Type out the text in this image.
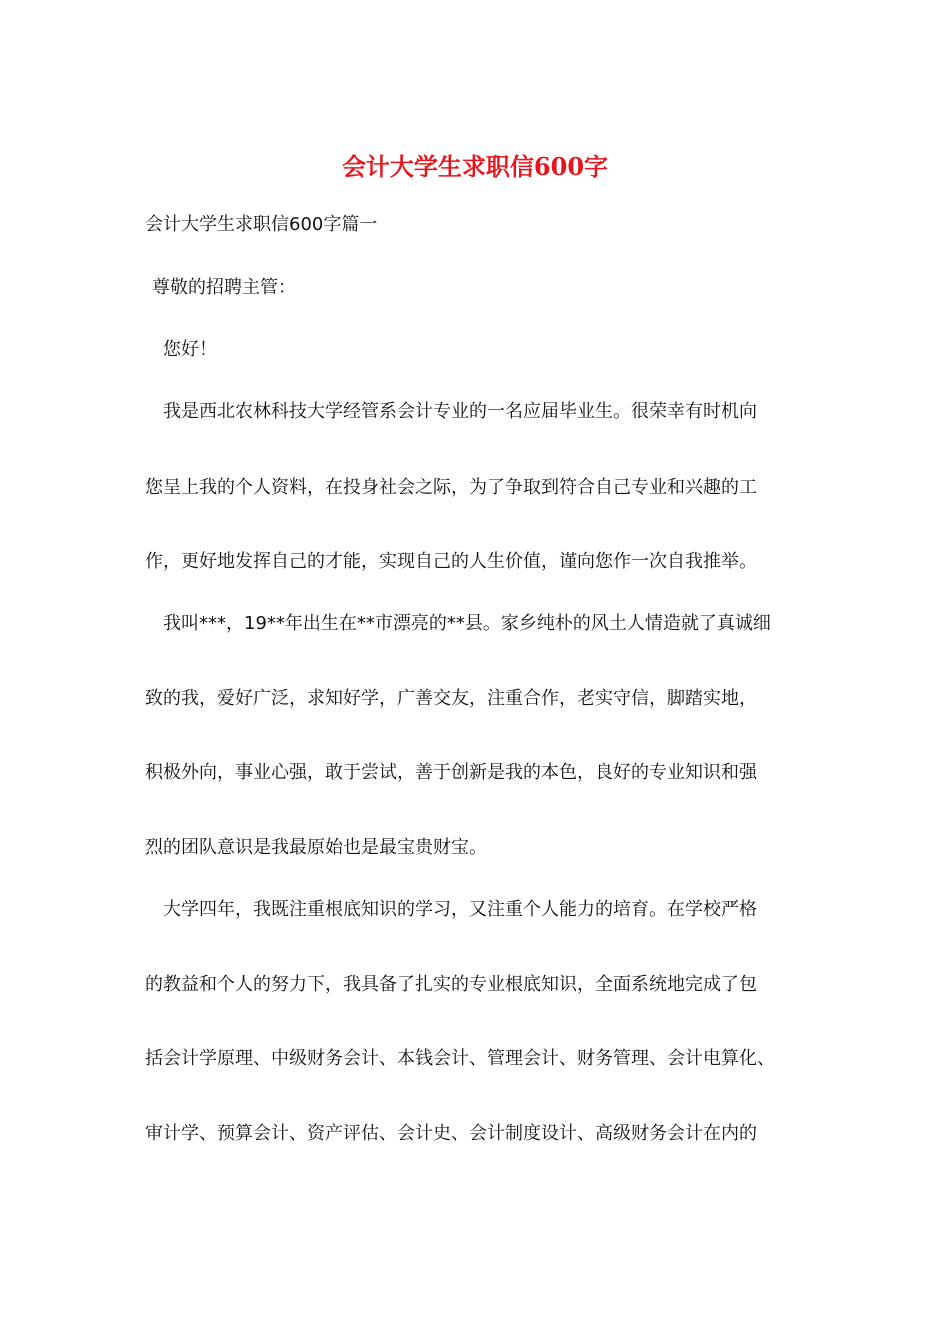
会计大学生求职信600字

会计大学生求职信600字篇一

尊敬的招聘主管：

您好！

我是西北农林科技大学经管系会计专业的一名应届毕业生。很荣幸有时机向

您呈上我的个人资料，在投身社会之际，为了争取到符合自己专业和兴趣的工

作，更好地发挥自己的才能，实现自己的人生价值，谨向您作一次自我推举。

我叫***，19**年出生在**市漂亮的**县。家乡纯朴的风土人情造就了真诚细

致的我，爱好广泛，求知好学，广善交友，注重合作，老实守信，脚踏实地，

积极外向，事业心强，敢于尝试，善于创新是我的本色，良好的专业知识和强

烈的团队意识是我最原始也是最宝贵财宝。

大学四年，我既注重根底知识的学习，又注重个人能力的培育。在学校严格

的教益和个人的努力下，我具备了扎实的专业根底知识，全面系统地完成了包

括会计学原理、中级财务会计、本钱会计、管理会计、财务管理、会计电算化、

审计学、预算会计、资产评估、会计史、会计制度设计、高级财务会计在内的
